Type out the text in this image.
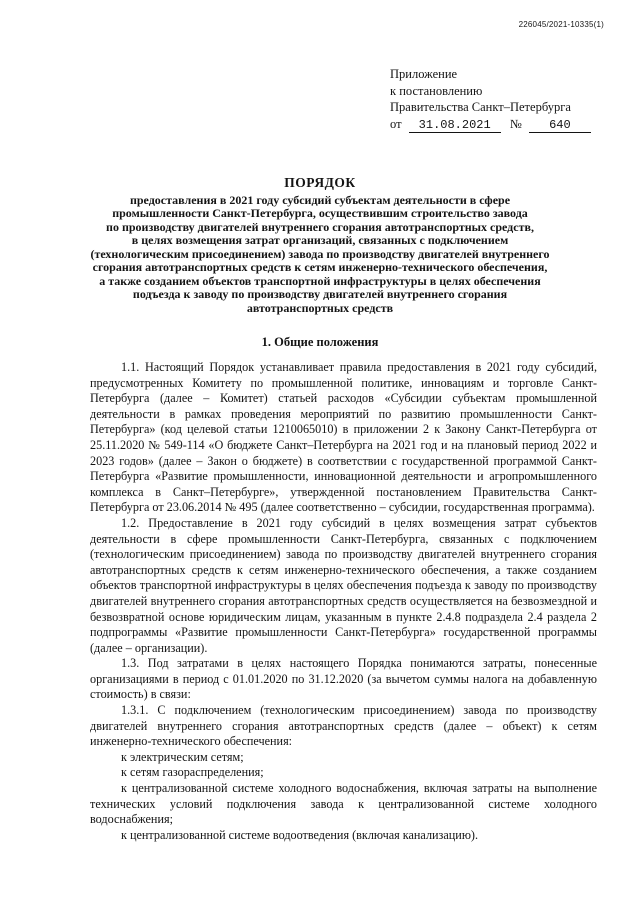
226045/2021-10335(1)
Приложение
к постановлению
Правительства Санкт–Петербурга
от 31.08.2021 № 640
ПОРЯДОК
предоставления в 2021 году субсидий субъектам деятельности в сфере
промышленности Санкт-Петербурга, осуществившим строительство завода
по производству двигателей внутреннего сгорания автотранспортных средств,
в целях возмещения затрат организаций, связанных с подключением
(технологическим присоединением) завода по производству двигателей внутреннего
сгорания автотранспортных средств к сетям инженерно-технического обеспечения,
а также созданием объектов транспортной инфраструктуры в целях обеспечения
подъезда к заводу по производству двигателей внутреннего сгорания
автотранспортных средств
1. Общие положения

1.1. Настоящий Порядок устанавливает правила предоставления в 2021 году субсидий, предусмотренных Комитету по промышленной политике, инновациям и торговле Санкт-Петербурга (далее – Комитет) статьей расходов «Субсидии субъектам промышленной деятельности в рамках проведения мероприятий по развитию промышленности Санкт-Петербурга» (код целевой статьи 1210065010) в приложении 2 к Закону Санкт-Петербурга от 25.11.2020 № 549-114 «О бюджете Санкт–Петербурга на 2021 год и на плановый период 2022 и 2023 годов» (далее – Закон о бюджете) в соответствии с государственной программой Санкт-Петербурга «Развитие промышленности, инновационной деятельности и агропромышленного комплекса в Санкт–Петербурге», утвержденной постановлением Правительства Санкт-Петербурга от 23.06.2014 № 495 (далее соответственно – субсидии, государственная программа).

1.2. Предоставление в 2021 году субсидий в целях возмещения затрат субъектов деятельности в сфере промышленности Санкт-Петербурга, связанных с подключением (технологическим присоединением) завода по производству двигателей внутреннего сгорания автотранспортных средств к сетям инженерно-технического обеспечения, а также созданием объектов транспортной инфраструктуры в целях обеспечения подъезда к заводу по производству двигателей внутреннего сгорания автотранспортных средств осуществляется на безвозмездной и безвозвратной основе юридическим лицам, указанным в пункте 2.4.8 подраздела 2.4 раздела 2 подпрограммы «Развитие промышленности Санкт-Петербурга» государственной программы (далее – организации).

1.3. Под затратами в целях настоящего Порядка понимаются затраты, понесенные организациями в период с 01.01.2020 по 31.12.2020 (за вычетом суммы налога на добавленную стоимость) в связи:

1.3.1. С подключением (технологическим присоединением) завода по производству двигателей внутреннего сгорания автотранспортных средств (далее – объект) к сетям инженерно-технического обеспечения:

к электрическим сетям;

к сетям газораспределения;

к централизованной системе холодного водоснабжения, включая затраты на выполнение технических условий подключения завода к централизованной системе холодного водоснабжения;

к централизованной системе водоотведения (включая канализацию).
